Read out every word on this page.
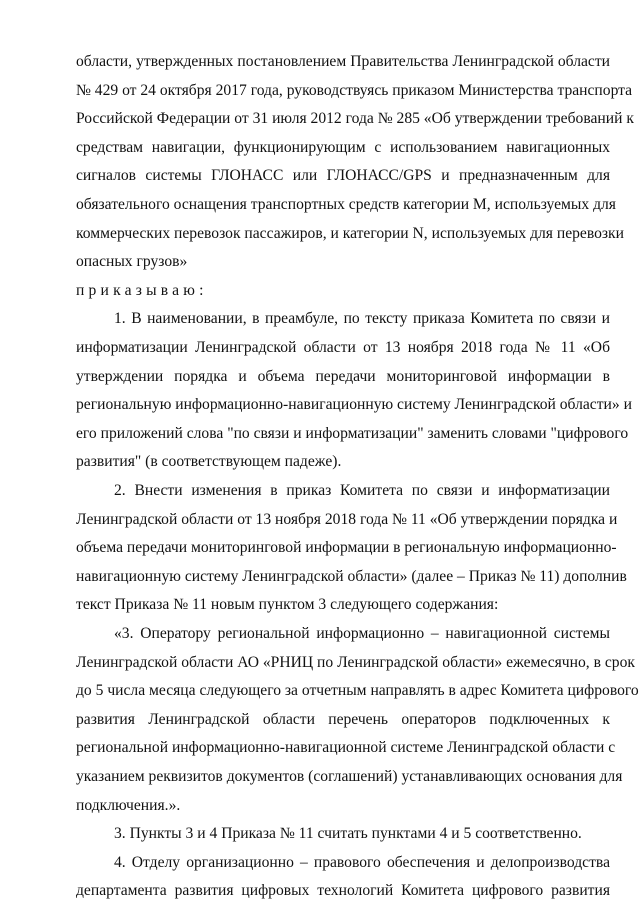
области, утвержденных постановлением Правительства Ленинградской области
№ 429 от 24 октября 2017 года, руководствуясь приказом Министерства транспорта
Российской Федерации от 31 июля 2012 года № 285 «Об утверждении требований к
средствам навигации, функционирующим с использованием навигационных
сигналов системы ГЛОНАСС или ГЛОНАСС/GPS и предназначенным для
обязательного оснащения транспортных средств категории М, используемых для
коммерческих перевозок пассажиров, и категории N, используемых для перевозки
опасных грузов»
приказываю:
1. В наименовании, в преамбуле, по тексту приказа Комитета по связи и
информатизации Ленинградской области от 13 ноября 2018 года № 11 «Об
утверждении порядка и объема передачи мониторинговой информации в
региональную информационно-навигационную систему Ленинградской области» и
его приложений слова "по связи и информатизации" заменить словами "цифрового
развития" (в соответствующем падеже).
2. Внести изменения в приказ Комитета по связи и информатизации
Ленинградской области от 13 ноября 2018 года № 11 «Об утверждении порядка и
объема передачи мониторинговой информации в региональную информационно-
навигационную систему Ленинградской области» (далее – Приказ № 11) дополнив
текст Приказа № 11 новым пунктом 3 следующего содержания:
«3. Оператору региональной информационно – навигационной системы
Ленинградской области АО «РНИЦ по Ленинградской области» ежемесячно, в срок
до 5 числа месяца следующего за отчетным направлять в адрес Комитета цифрового
развития Ленинградской области перечень операторов подключенных к
региональной информационно-навигационной системе Ленинградской области с
указанием реквизитов документов (соглашений) устанавливающих основания для
подключения.».
3. Пункты 3 и 4 Приказа № 11 считать пунктами 4 и 5 соответственно.
4. Отделу организационно – правового обеспечения и делопроизводства
департамента развития цифровых технологий Комитета цифрового развития
